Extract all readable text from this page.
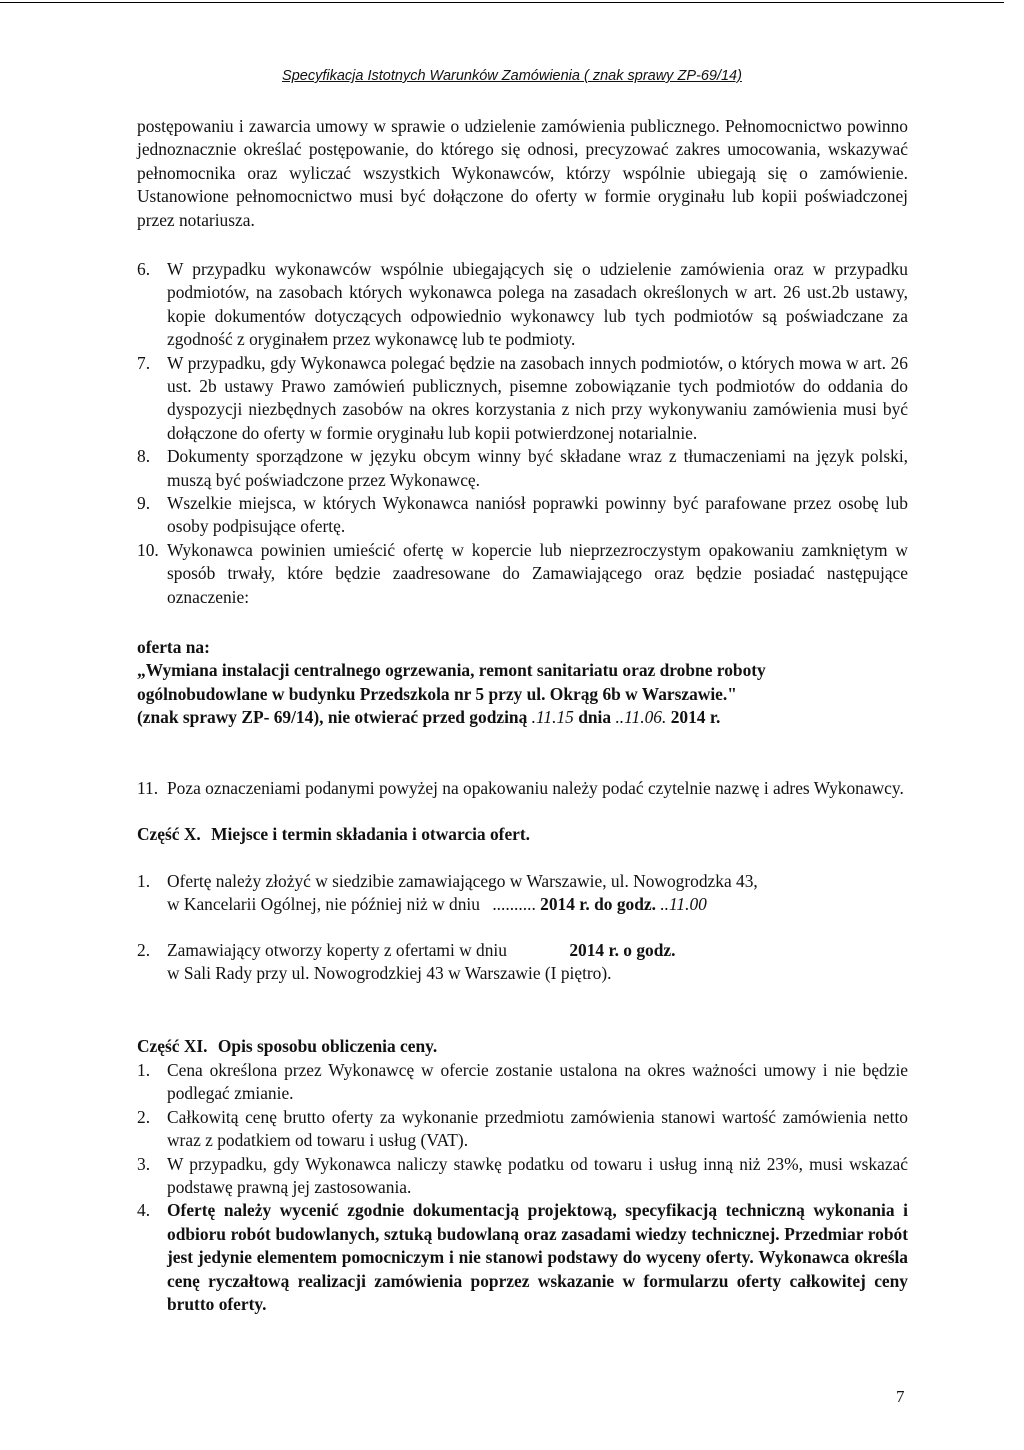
Specyfikacja Istotnych Warunków Zamówienia ( znak sprawy ZP-69/14)

postępowaniu i zawarcia umowy w sprawie o udzielenie zamówienia publicznego. Pełnomocnictwo powinno jednoznacznie określać postępowanie, do którego się odnosi, precyzować zakres umocowania, wskazywać pełnomocnika oraz wyliczać wszystkich Wykonawców, którzy wspólnie ubiegają się o zamówienie. Ustanowione pełnomocnictwo musi być dołączone do oferty w formie oryginału lub kopii poświadczonej przez notariusza.

6. W przypadku wykonawców wspólnie ubiegających się o udzielenie zamówienia oraz w przypadku podmiotów, na zasobach których wykonawca polega na zasadach określonych w art. 26 ust.2b ustawy, kopie dokumentów dotyczących odpowiednio wykonawcy lub tych podmiotów są poświadczane za zgodność z oryginałem przez wykonawcę lub te podmioty.
7. W przypadku, gdy Wykonawca polegać będzie na zasobach innych podmiotów, o których mowa w art. 26 ust. 2b ustawy Prawo zamówień publicznych, pisemne zobowiązanie tych podmiotów do oddania do dyspozycji niezbędnych zasobów na okres korzystania z nich przy wykonywaniu zamówienia musi być dołączone do oferty w formie oryginału lub kopii potwierdzonej notarialnie.
8. Dokumenty sporządzone w języku obcym winny być składane wraz z tłumaczeniami na język polski, muszą być poświadczone przez Wykonawcę.
9. Wszelkie miejsca, w których Wykonawca naniósł poprawki powinny być parafowane przez osobę lub osoby podpisujące ofertę.
10. Wykonawca powinien umieścić ofertę w kopercie lub nieprzezroczystym opakowaniu zamkniętym w sposób trwały, które będzie zaadresowane do Zamawiającego oraz będzie posiadać następujące oznaczenie:
oferta na:
„Wymiana instalacji centralnego ogrzewania, remont sanitariatu oraz drobne roboty
ogólnobudowlane w budynku Przedszkola nr 5 przy ul. Okrąg 6b w Warszawie."
(znak sprawy ZP- 69/14), nie otwierać przed godziną .11.15 dnia ..11.06. 2014 r.
11. Poza oznaczeniami podanymi powyżej na opakowaniu należy podać czytelnie nazwę i adres Wykonawcy.
Część X. Miejsce i termin składania i otwarcia ofert.
1. Ofertę należy złożyć w siedzibie zamawiającego w Warszawie, ul. Nowogrodzka 43,
w Kancelarii Ogólnej, nie później niż w dniu .......... 2014 r. do godz. ..11.00
2. Zamawiający otworzy koperty z ofertami w dniu	2014 r. o godz.
w Sali Rady przy ul. Nowogrodzkiej 43 w Warszawie (I piętro).
Część XI. Opis sposobu obliczenia ceny.
1. Cena określona przez Wykonawcę w ofercie zostanie ustalona na okres ważności umowy i nie będzie podlegać zmianie.
2. Całkowitą cenę brutto oferty za wykonanie przedmiotu zamówienia stanowi wartość zamówienia netto wraz z podatkiem od towaru i usług (VAT).
3. W przypadku, gdy Wykonawca naliczy stawkę podatku od towaru i usług inną niż 23%, musi wskazać podstawę prawną jej zastosowania.
4. Ofertę należy wycenić zgodnie dokumentacją projektową, specyfikacją techniczną wykonania i odbioru robót budowlanych, sztuką budowlaną oraz zasadami wiedzy technicznej. Przedmiar robót jest jedynie elementem pomocniczym i nie stanowi podstawy do wyceny oferty. Wykonawca określa cenę ryczałtową realizacji zamówienia poprzez wskazanie w formularzu oferty całkowitej ceny brutto oferty.
7
